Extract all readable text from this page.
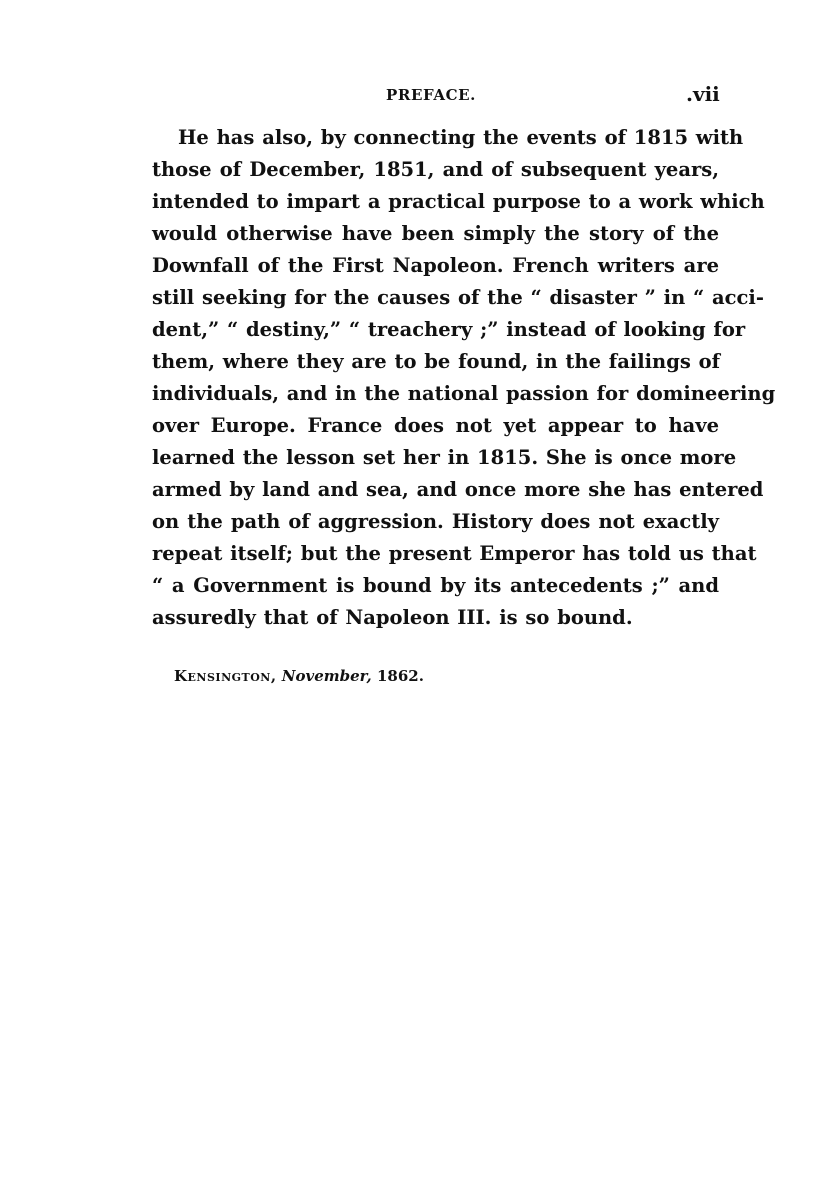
PREFACE.	.vii
He has also, by connecting the events of 1815 with
those of December, 1851, and of subsequent years,
intended to impart a practical purpose to a work which
would otherwise have been simply the story of the
Downfall of the First Napoleon. French writers are
still seeking for the causes of the “ disaster ” in “ acci-
dent,” “ destiny,” “ treachery ;” instead of looking for
them, where they are to be found, in the failings of
individuals, and in the national passion for domineering
over Europe. France does not yet appear to have
learned the lesson set her in 1815. She is once more
armed by land and sea, and once more she has entered
on the path of aggression. History does not exactly
repeat itself; but the present Emperor has told us that
“ a Government is bound by its antecedents ;” and
assuredly that of Napoleon III. is so bound.
Kensington, November, 1862.
